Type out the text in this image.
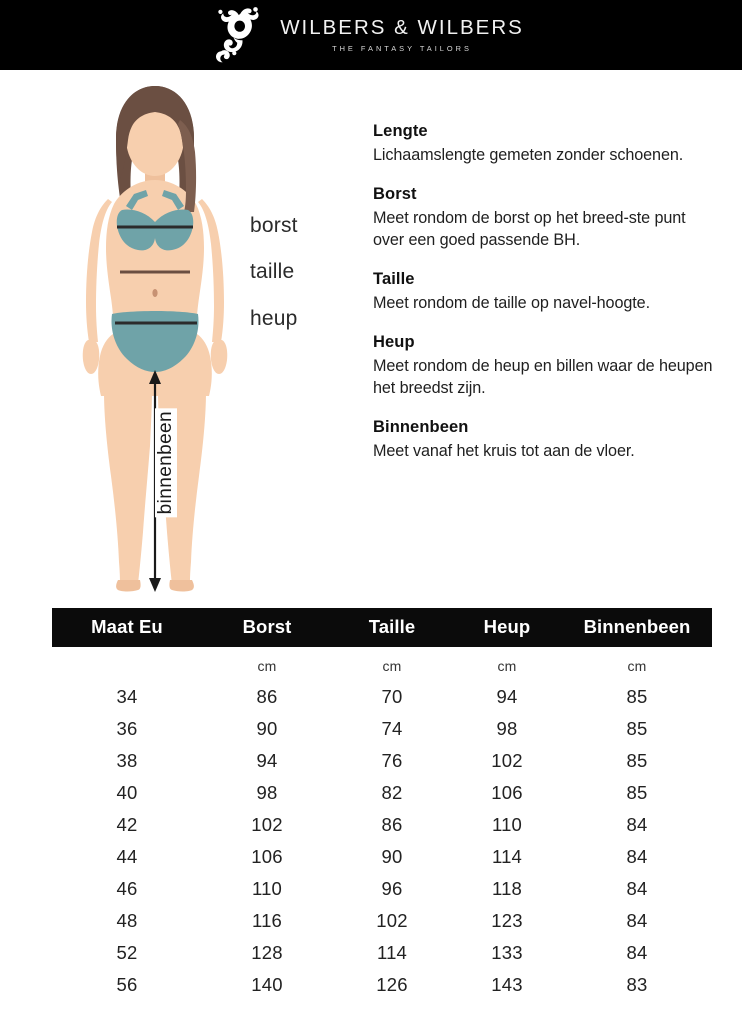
WILBERS & WILBERS
THE FANTASY TAILORS
borst
taille
heup
binnenbeen

Lengte

Lichaamslengte gemeten zonder schoenen.

Borst

Meet rondom de borst op het breed-ste punt over een goed passende BH.

Taille

Meet rondom de taille op navel-hoogte.

Heup

Meet rondom de heup en billen waar de heupen het breedst zijn.

Binnenbeen

Meet vanaf het kruis tot aan de vloer.

Maat Eu	Borst	Taille	Heup	Binnenbeen
	cm	cm	cm	cm
34	86	70	94	85
36	90	74	98	85
38	94	76	102	85
40	98	82	106	85
42	102	86	110	84
44	106	90	114	84
46	110	96	118	84
48	116	102	123	84
52	128	114	133	84
56	140	126	143	83
